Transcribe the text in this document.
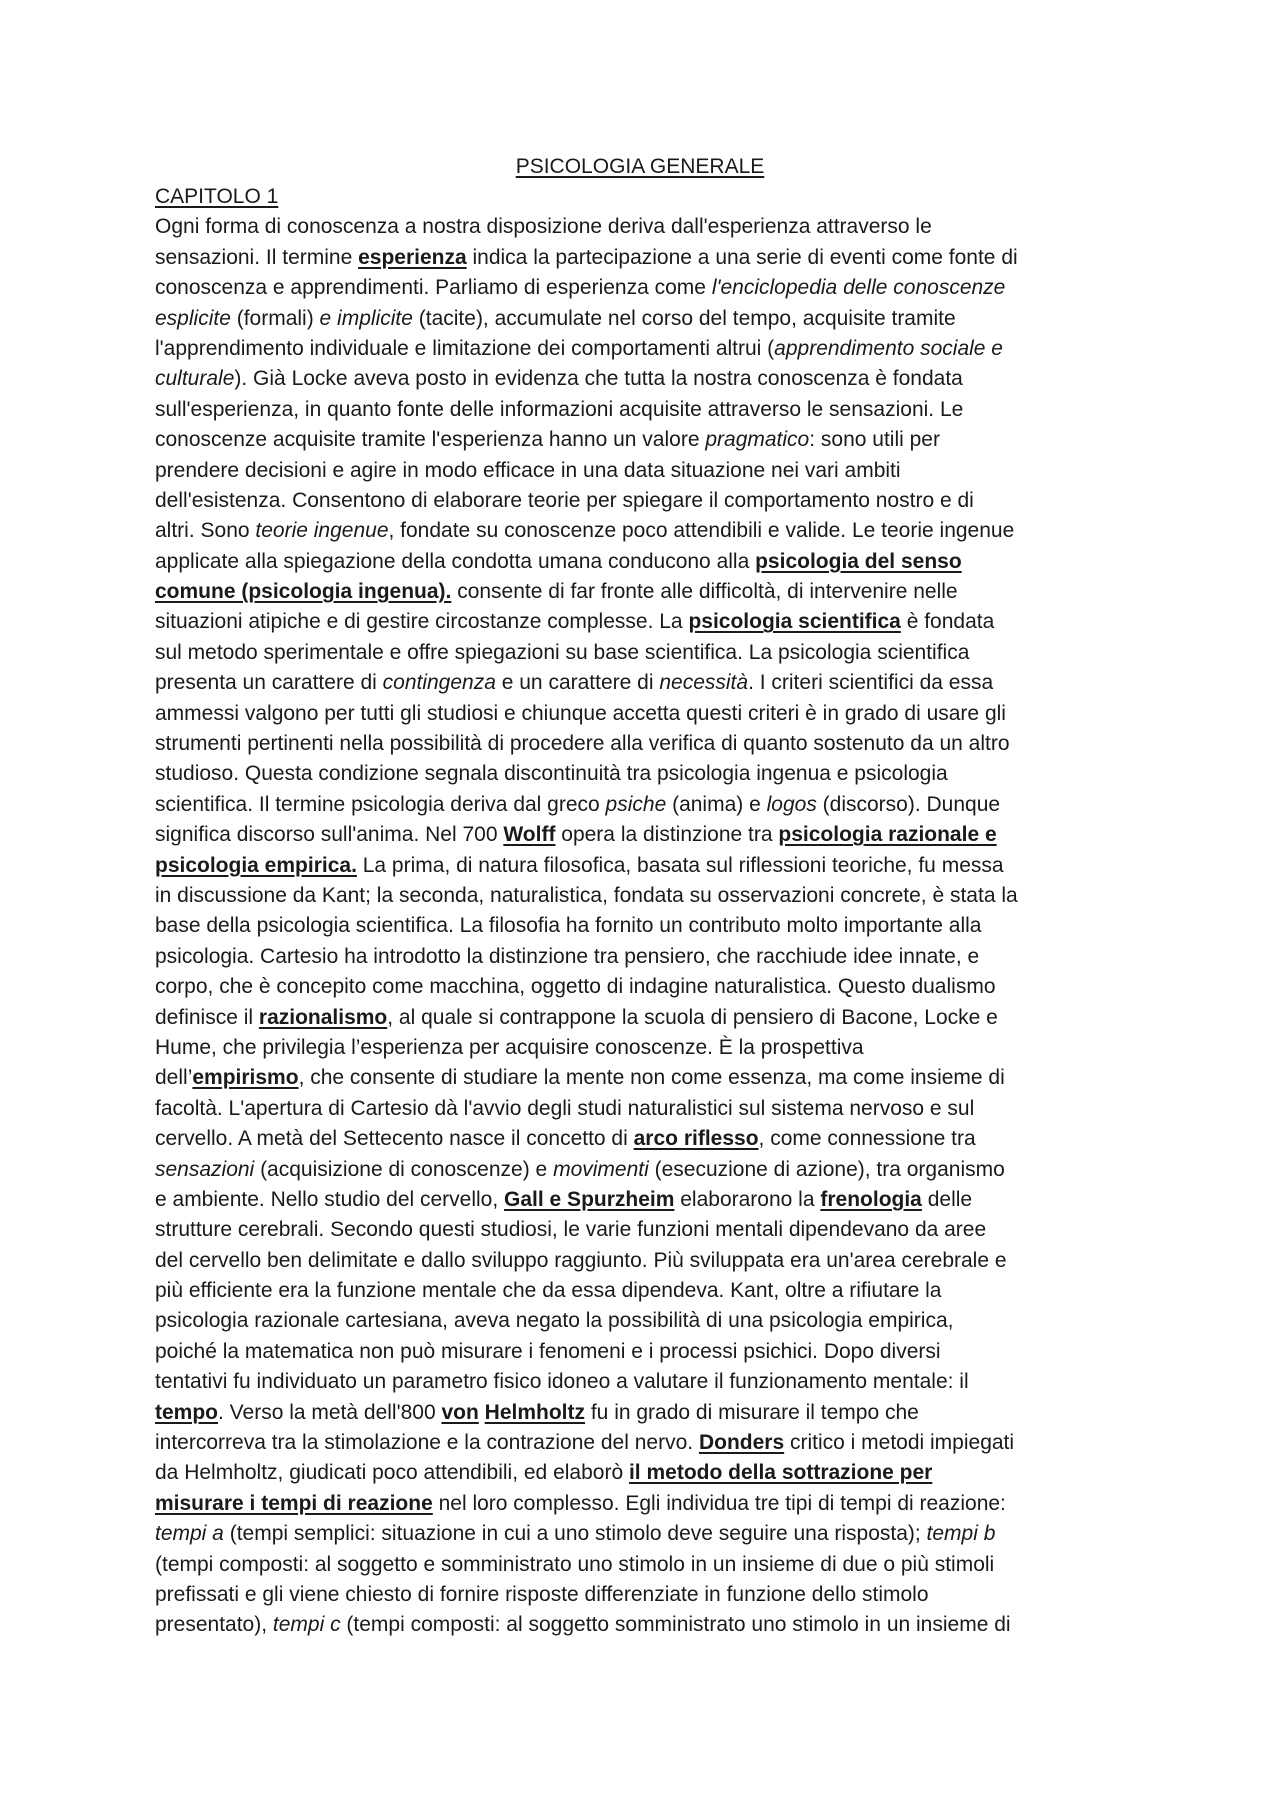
PSICOLOGIA GENERALE
CAPITOLO 1
Ogni forma di conoscenza a nostra disposizione deriva dall'esperienza attraverso le
sensazioni. Il termine esperienza indica la partecipazione a una serie di eventi come fonte di
conoscenza e apprendimenti. Parliamo di esperienza come l'enciclopedia delle conoscenze
esplicite (formali) e implicite (tacite), accumulate nel corso del tempo, acquisite tramite
l'apprendimento individuale e limitazione dei comportamenti altrui (apprendimento sociale e
culturale). Già Locke aveva posto in evidenza che tutta la nostra conoscenza è fondata
sull'esperienza, in quanto fonte delle informazioni acquisite attraverso le sensazioni. Le
conoscenze acquisite tramite l'esperienza hanno un valore pragmatico: sono utili per
prendere decisioni e agire in modo efficace in una data situazione nei vari ambiti
dell'esistenza. Consentono di elaborare teorie per spiegare il comportamento nostro e di
altri. Sono teorie ingenue, fondate su conoscenze poco attendibili e valide. Le teorie ingenue
applicate alla spiegazione della condotta umana conducono alla psicologia del senso
comune (psicologia ingenua). consente di far fronte alle difficoltà, di intervenire nelle
situazioni atipiche e di gestire circostanze complesse. La psicologia scientifica è fondata
sul metodo sperimentale e offre spiegazioni su base scientifica. La psicologia scientifica
presenta un carattere di contingenza e un carattere di necessità. I criteri scientifici da essa
ammessi valgono per tutti gli studiosi e chiunque accetta questi criteri è in grado di usare gli
strumenti pertinenti nella possibilità di procedere alla verifica di quanto sostenuto da un altro
studioso. Questa condizione segnala discontinuità tra psicologia ingenua e psicologia
scientifica. Il termine psicologia deriva dal greco psiche (anima) e logos (discorso). Dunque
significa discorso sull'anima. Nel 700 Wolff opera la distinzione tra psicologia razionale e
psicologia empirica. La prima, di natura filosofica, basata sul riflessioni teoriche, fu messa
in discussione da Kant; la seconda, naturalistica, fondata su osservazioni concrete, è stata la
base della psicologia scientifica. La filosofia ha fornito un contributo molto importante alla
psicologia. Cartesio ha introdotto la distinzione tra pensiero, che racchiude idee innate, e
corpo, che è concepito come macchina, oggetto di indagine naturalistica. Questo dualismo
definisce il razionalismo, al quale si contrappone la scuola di pensiero di Bacone, Locke e
Hume, che privilegia l’esperienza per acquisire conoscenze. È la prospettiva
dell’empirismo, che consente di studiare la mente non come essenza, ma come insieme di
facoltà. L'apertura di Cartesio dà l'avvio degli studi naturalistici sul sistema nervoso e sul
cervello. A metà del Settecento nasce il concetto di arco riflesso, come connessione tra
sensazioni (acquisizione di conoscenze) e movimenti (esecuzione di azione), tra organismo
e ambiente. Nello studio del cervello, Gall e Spurzheim elaborarono la frenologia delle
strutture cerebrali. Secondo questi studiosi, le varie funzioni mentali dipendevano da aree
del cervello ben delimitate e dallo sviluppo raggiunto. Più sviluppata era un'area cerebrale e
più efficiente era la funzione mentale che da essa dipendeva. Kant, oltre a rifiutare la
psicologia razionale cartesiana, aveva negato la possibilità di una psicologia empirica,
poiché la matematica non può misurare i fenomeni e i processi psichici. Dopo diversi
tentativi fu individuato un parametro fisico idoneo a valutare il funzionamento mentale: il
tempo. Verso la metà dell'800 von Helmholtz fu in grado di misurare il tempo che
intercorreva tra la stimolazione e la contrazione del nervo. Donders critico i metodi impiegati
da Helmholtz, giudicati poco attendibili, ed elaborò il metodo della sottrazione per
misurare i tempi di reazione nel loro complesso. Egli individua tre tipi di tempi di reazione:
tempi a (tempi semplici: situazione in cui a uno stimolo deve seguire una risposta); tempi b
(tempi composti: al soggetto e somministrato uno stimolo in un insieme di due o più stimoli
prefissati e gli viene chiesto di fornire risposte differenziate in funzione dello stimolo
presentato), tempi c (tempi composti: al soggetto somministrato uno stimolo in un insieme di
